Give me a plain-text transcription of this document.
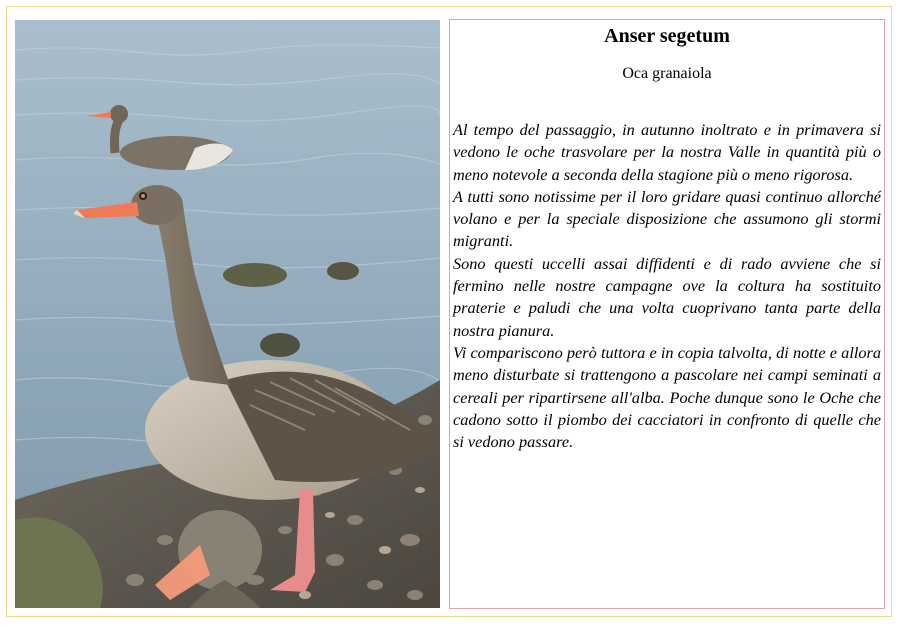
Anser segetum
Oca granaiola

Al tempo del passaggio, in autunno inoltrato e in primavera si vedono le oche trasvolare per la nostra Valle in quantità più o meno notevole a seconda della stagione più o meno rigorosa.

A tutti sono notissime per il loro gridare quasi continuo allorché volano e per la speciale disposizione che assumono gli stormi migranti.

Sono questi uccelli assai diffidenti e di rado avviene che si fermino nelle nostre campagne ove la coltura ha sostituito praterie e paludi che una volta cuoprivano tanta parte della nostra pianura.

Vi compariscono però tuttora e in copia talvolta, di notte e allora meno disturbate si trattengono a pascolare nei campi seminati a cereali per ripartirsene all'alba. Poche dunque sono le Oche che cadono sotto il piombo dei cacciatori in confronto di quelle che si vedono passare.
